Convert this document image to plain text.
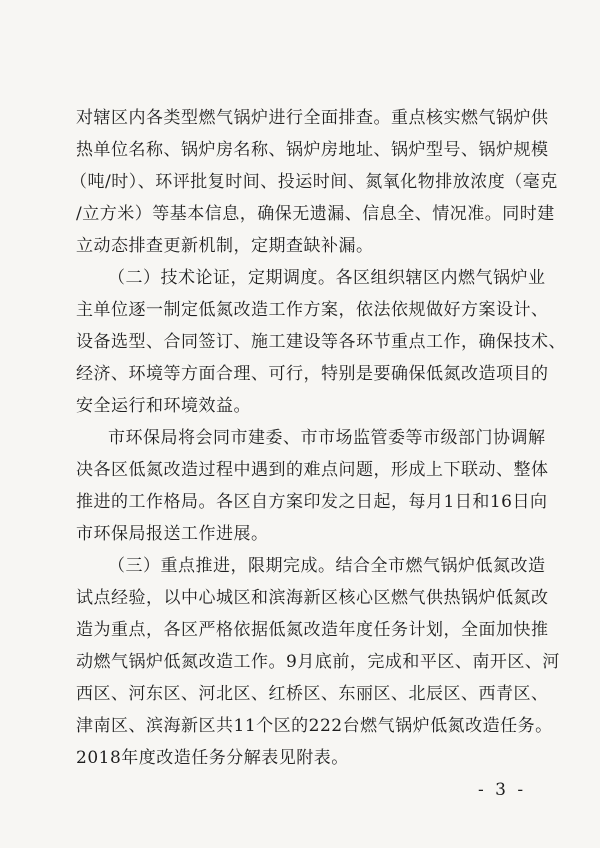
对辖区内各类型燃气锅炉进行全面排查。重点核实燃气锅炉供
热单位名称、锅炉房名称、锅炉房地址、锅炉型号、锅炉规模
（吨/时）、环评批复时间、投运时间、氮氧化物排放浓度（毫克
/立方米）等基本信息，确保无遗漏、信息全、情况准。同时建
立动态排查更新机制，定期查缺补漏。
（二）技术论证，定期调度。各区组织辖区内燃气锅炉业
主单位逐一制定低氮改造工作方案，依法依规做好方案设计、
设备选型、合同签订、施工建设等各环节重点工作，确保技术、
经济、环境等方面合理、可行，特别是要确保低氮改造项目的
安全运行和环境效益。
市环保局将会同市建委、市市场监管委等市级部门协调解
决各区低氮改造过程中遇到的难点问题，形成上下联动、整体
推进的工作格局。各区自方案印发之日起，每月1日和16日向
市环保局报送工作进展。
（三）重点推进，限期完成。结合全市燃气锅炉低氮改造
试点经验，以中心城区和滨海新区核心区燃气供热锅炉低氮改
造为重点，各区严格依据低氮改造年度任务计划，全面加快推
动燃气锅炉低氮改造工作。9月底前，完成和平区、南开区、河
西区、河东区、河北区、红桥区、东丽区、北辰区、西青区、
津南区、滨海新区共11个区的222台燃气锅炉低氮改造任务。
2018年度改造任务分解表见附表。
- 3 -
